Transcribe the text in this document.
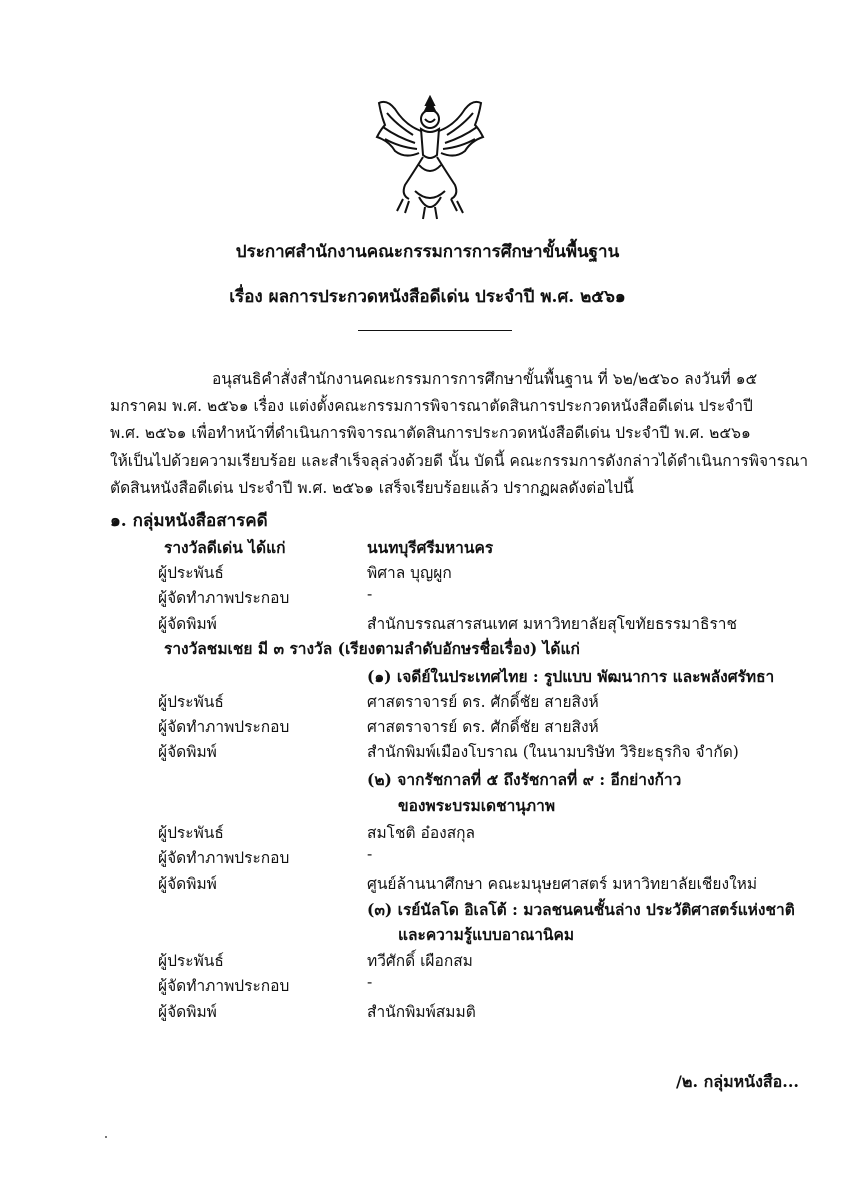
ประกาศสำนักงานคณะกรรมการการศึกษาขั้นพื้นฐาน
เรื่อง ผลการประกวดหนังสือดีเด่น ประจำปี พ.ศ. ๒๕๖๑
อนุสนธิคำสั่งสำนักงานคณะกรรมการการศึกษาขั้นพื้นฐาน ที่ ๖๒/๒๕๖๐ ลงวันที่ ๑๕
มกราคม พ.ศ. ๒๕๖๑ เรื่อง แต่งตั้งคณะกรรมการพิจารณาตัดสินการประกวดหนังสือดีเด่น ประจำปี
พ.ศ. ๒๕๖๑ เพื่อทำหน้าที่ดำเนินการพิจารณาตัดสินการประกวดหนังสือดีเด่น ประจำปี พ.ศ. ๒๕๖๑
ให้เป็นไปด้วยความเรียบร้อย และสำเร็จลุล่วงด้วยดี นั้น บัดนี้ คณะกรรมการดังกล่าวได้ดำเนินการพิจารณา
ตัดสินหนังสือดีเด่น ประจำปี พ.ศ. ๒๕๖๑ เสร็จเรียบร้อยแล้ว ปรากฏผลดังต่อไปนี้
๑. กลุ่มหนังสือสารคดี
รางวัลดีเด่น ได้แก่	นนทบุรีศรีมหานคร
ผู้ประพันธ์	พิศาล บุญผูก
ผู้จัดทำภาพประกอบ	-
ผู้จัดพิมพ์	สำนักบรรณสารสนเทศ มหาวิทยาลัยสุโขทัยธรรมาธิราช
รางวัลชมเชย มี ๓ รางวัล (เรียงตามลำดับอักษรชื่อเรื่อง) ได้แก่
(๑) เจดีย์ในประเทศไทย : รูปแบบ พัฒนาการ และพลังศรัทธา
ผู้ประพันธ์	ศาสตราจารย์ ดร. ศักดิ์ชัย สายสิงห์
ผู้จัดทำภาพประกอบ	ศาสตราจารย์ ดร. ศักดิ์ชัย สายสิงห์
ผู้จัดพิมพ์	สำนักพิมพ์เมืองโบราณ (ในนามบริษัท วิริยะธุรกิจ จำกัด)
(๒) จากรัชกาลที่ ๕ ถึงรัชกาลที่ ๙ : อีกย่างก้าว
ของพระบรมเดชานุภาพ
ผู้ประพันธ์	สมโชติ อ๋องสกุล
ผู้จัดทำภาพประกอบ	-
ผู้จัดพิมพ์	ศูนย์ล้านนาศึกษา คณะมนุษยศาสตร์ มหาวิทยาลัยเชียงใหม่
(๓) เรย์นัลโด อิเลโต้ : มวลชนคนชั้นล่าง ประวัติศาสตร์แห่งชาติ
และความรู้แบบอาณานิคม
ผู้ประพันธ์	ทวีศักดิ์ เผือกสม
ผู้จัดทำภาพประกอบ	-
ผู้จัดพิมพ์	สำนักพิมพ์สมมติ
/๒. กลุ่มหนังสือ...
